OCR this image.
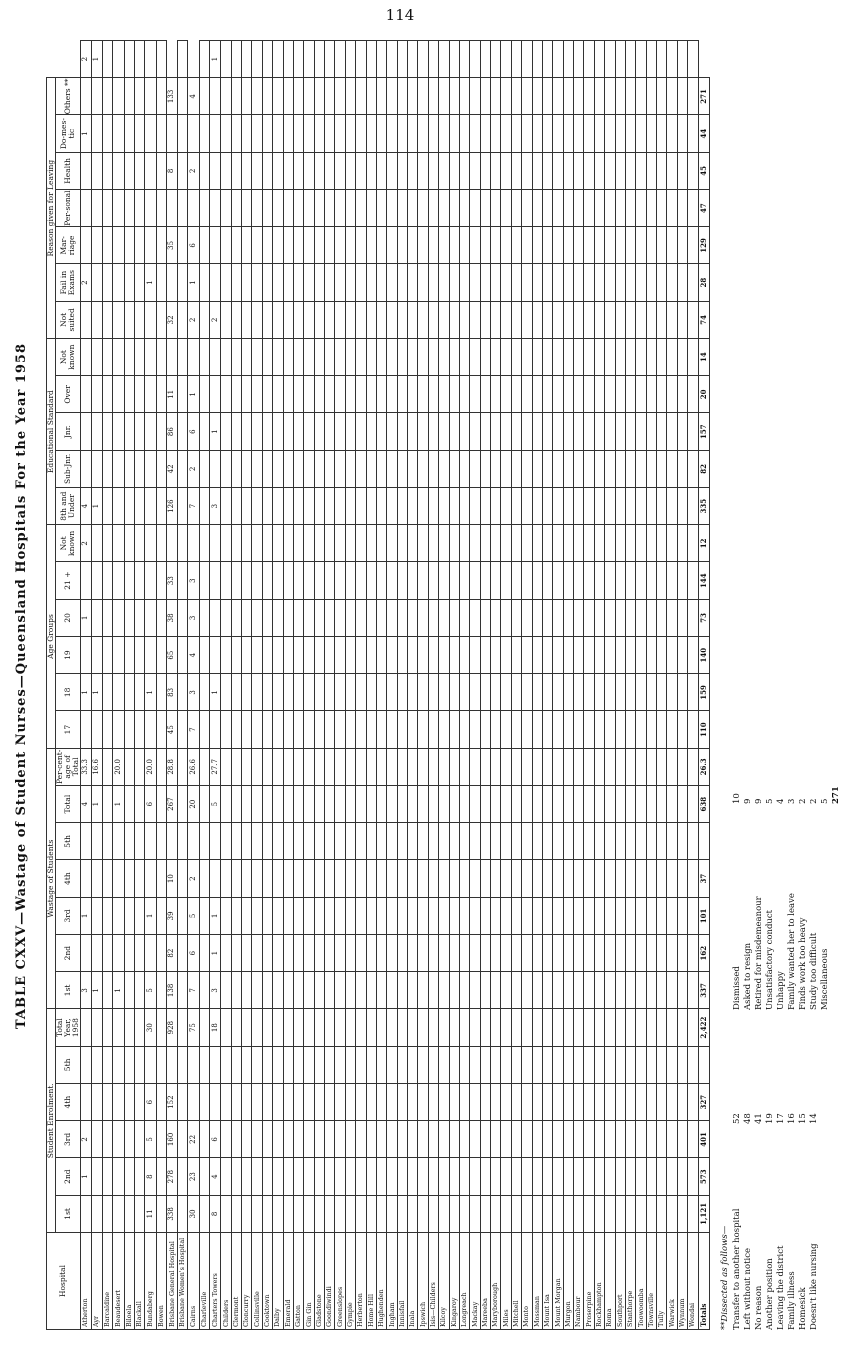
114
TABLE CXXV—Wastage of Student Nurses—Queensland Hospitals For the Year 1958
Hospital	Student Enrolment.						Wastage of Students							Age Groups						Educational Standard					Reason given for Leaving							
	1st	2nd	3rd	4th	5th	Total Year, 1958	1st	2nd	3rd	4th	5th	Total	Per-cent-age of Total	17	18	19	20	21 +	Not known	8th and Under	Sub-Jnr.	Jnr.	Over	Not known	Not suited	Fail in Exams	Mar-riage	Per-sonal	Health	Do-mes-tic	Others **	
Atherton		1	2				3		1			4	33.3		1		1		2	4						2				1		2
Ayr							1					1	16.6		1					1												1
Barcaldine																																
Beaudesert							1					1	20.0																			
Biloela																																
Blackall																																
Bundaberg	11	8	5	6		30	5		1			6	20.0		1											1						
Bowen																																
Brisbane General Hospital	338	278	160	152		928	138	82	39	10		267	28.8	45	83	65	38	33		126	42	86	11		32		35		8		133	
Brisbane Women's Hospital																																
Cairns	30	23	22			75	7	6	5	2		20	26.6	7	3	4	3	3		7	2	6	1		2	1	6		2		4	
Charleville																																
Charters Towers	8	4	6			18	3	1	1			5	27.7		1					3		1			2							1
Childers																																
Clermont																																
Cloncurry																																
Collinsville																																
Cooktown																																
Dalby																																
Emerald																																
Gatton																																
Gin Gin																																
Gladstone																																
Goondiwindi																																
Greenslopes																																
Gympie																																
Herberton																																
Home Hill																																
Hughenden																																
Ingham																																
Innisfail																																
Inala																																
Ipswich																																
Isis—Childers																																
Kilcoy																																
Kingaroy																																
Longreach																																
Mackay																																
Mareeba																																
Maryborough																																
Miles																																
Mitchell																																
Monto																																
Mossman																																
Mount Isa																																
Mount Morgan																																
Murgon																																
Nambour																																
Proserpine																																
Rockhampton																																
Roma																																
Southport																																
Stanthorpe																																
Toowoomba																																
Townsville																																
Tully																																
Warwick																																
Wynnum																																
Wondai																																
Totals	1,121	573	401	327		2,422	337	162	101	37		638	26.3	110	159	140	73	144	12	335	82	157	20	14	74	28	129	47	45	44	271	
**Dissected as follows— Transfer to another hospital
52
Left without notice
48
No reason
41
Another position
19
Leaving the district
17
Family illness
16
Homesick
15
Doesn't like nursing
14
Dismissed
10
Asked to resign
9
Retired for misdemeanour
9
Unsatisfactory conduct
5
Unhappy
4
Family wanted her to leave
3
Finds work too heavy
2
Study too difficult
2
Miscellaneous
5 271
